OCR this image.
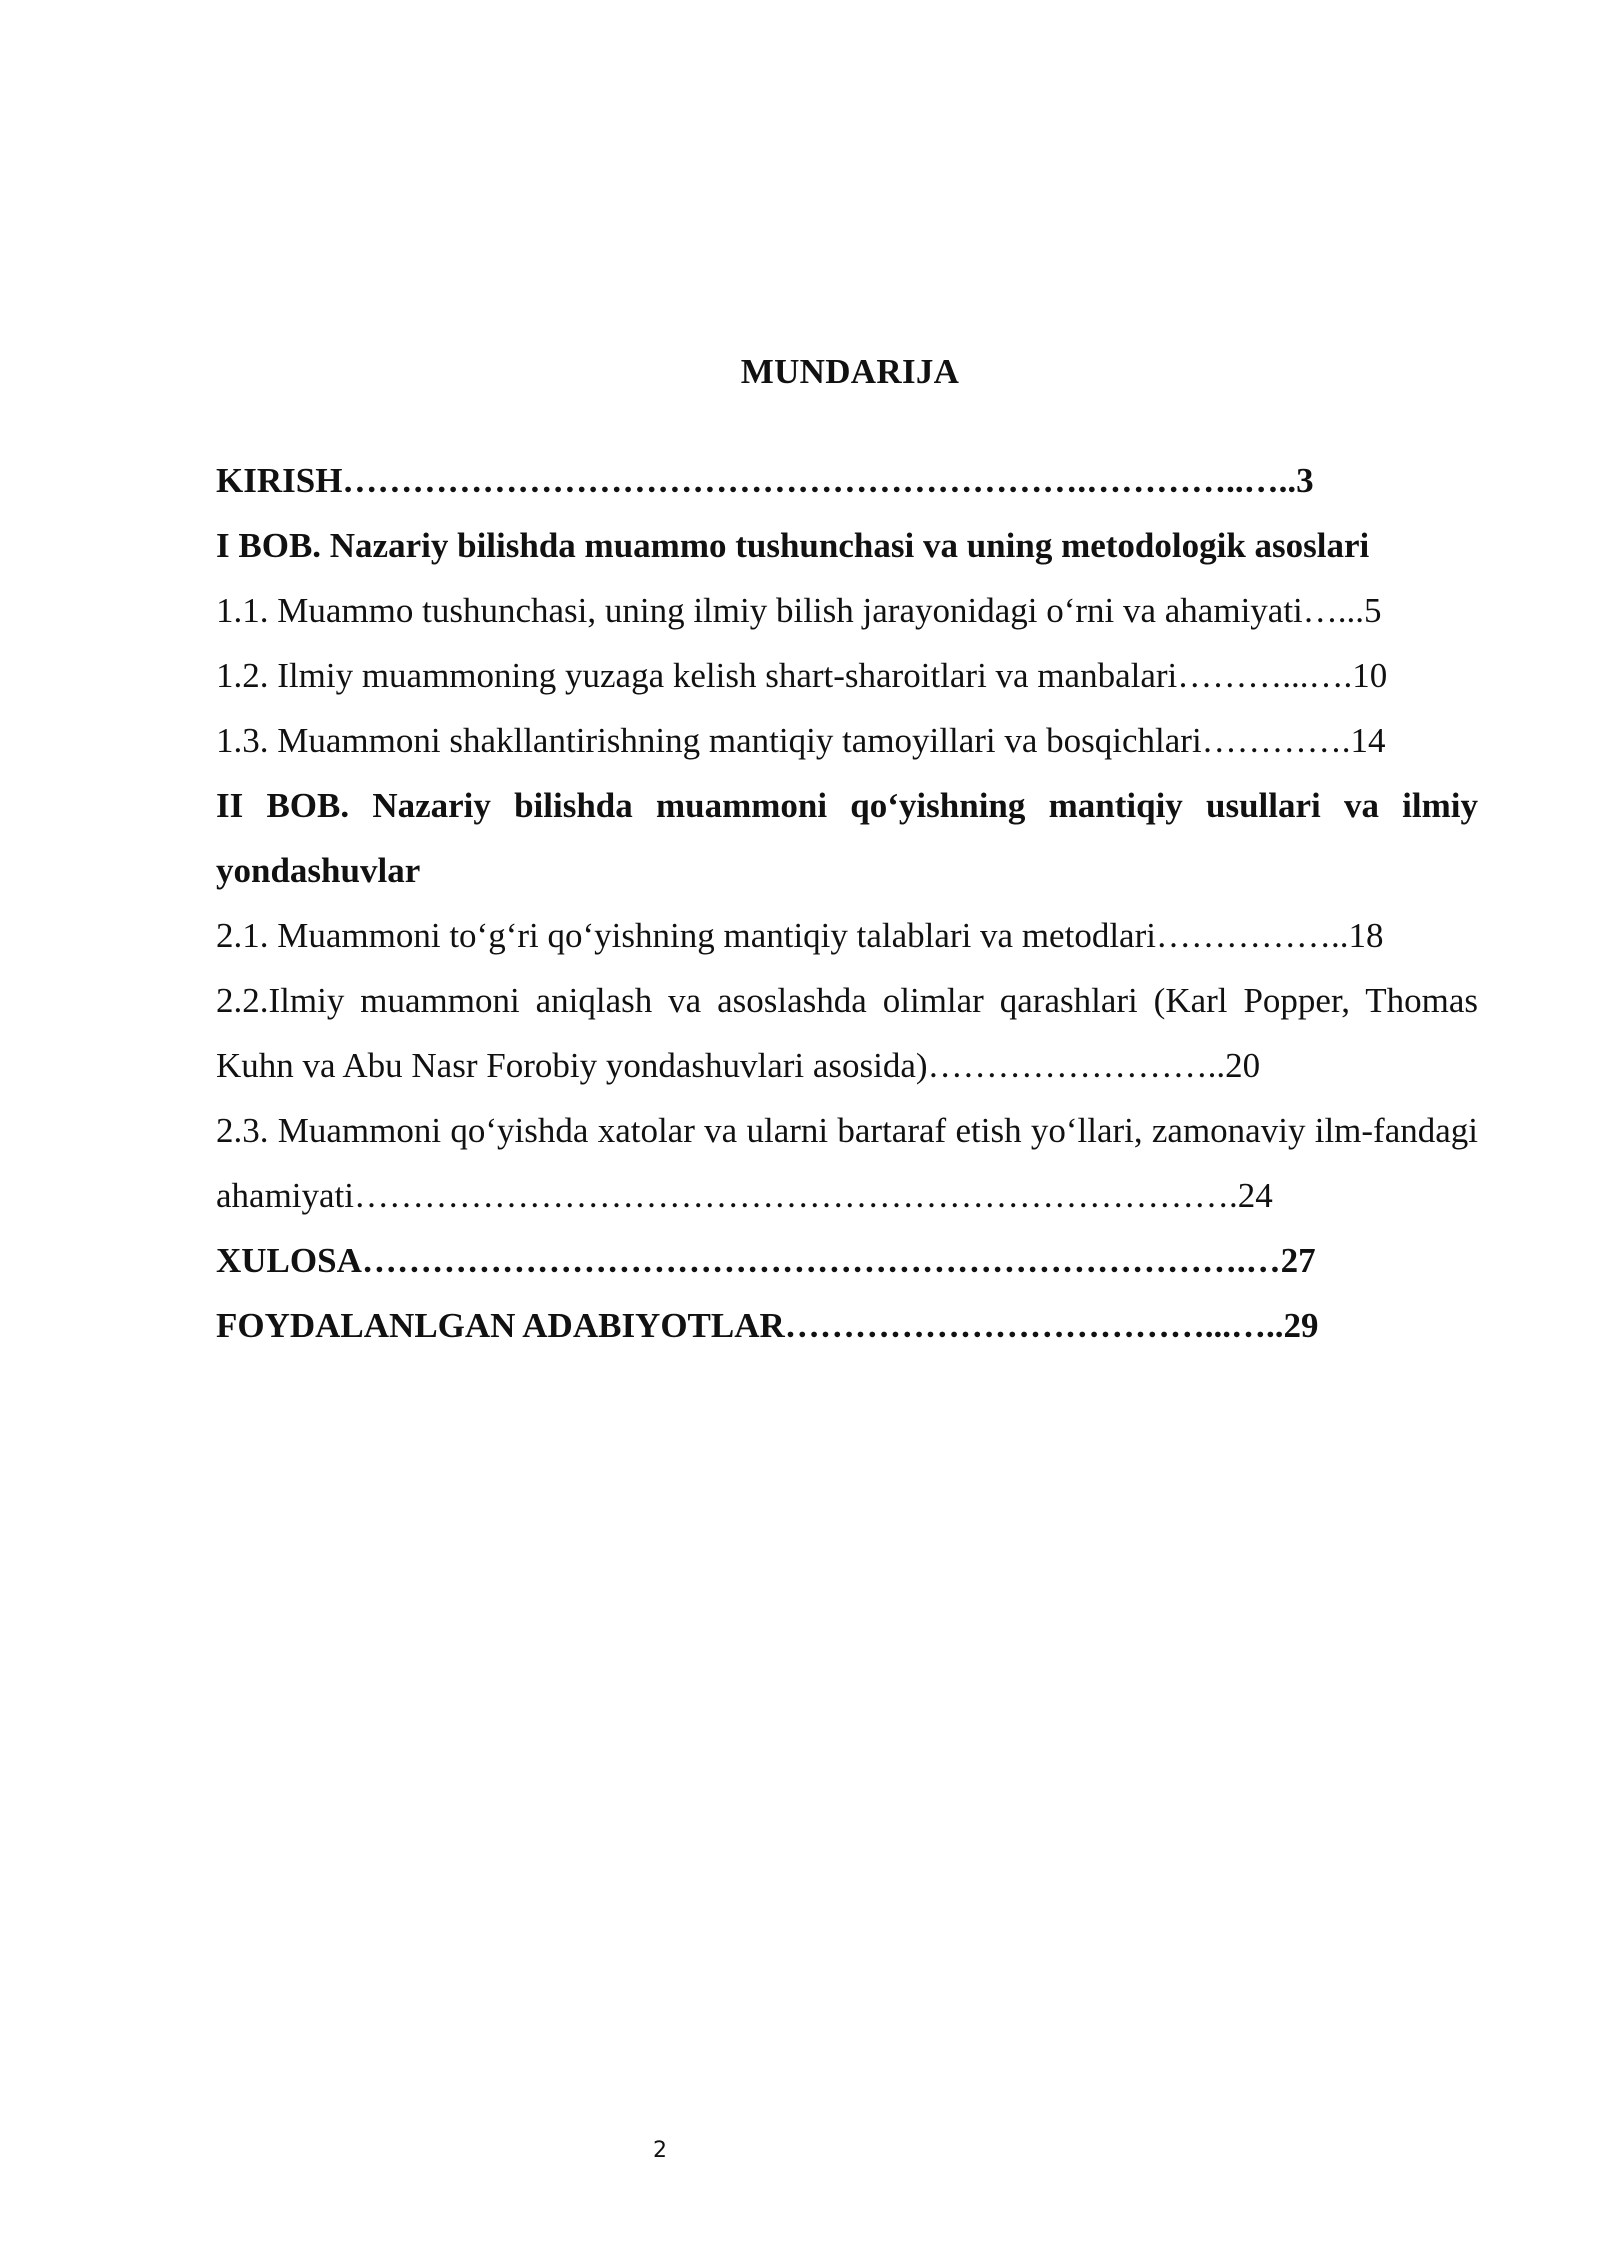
MUNDARIJA
KIRISH……………………………………………………….…………..…..3
I BOB. Nazariy bilishda muammo tushunchasi va uning metodologik asoslari
1.1. Muammo tushunchasi, uning ilmiy bilish jarayonidagi o‘rni va ahamiyati…...5
1.2. Ilmiy muammoning yuzaga kelish shart-sharoitlari va manbalari………...….10
1.3. Muammoni shakllantirishning mantiqiy tamoyillari va bosqichlari………….14
II BOB. Nazariy bilishda muammoni qo‘yishning mantiqiy usullari va ilmiy yondashuvlar
2.1. Muammoni to‘g‘ri qo‘yishning mantiqiy talablari va metodlari……………..18
2.2.Ilmiy muammoni aniqlash va asoslashda olimlar qarashlari (Karl Popper, Thomas Kuhn va Abu Nasr Forobiy yondashuvlari asosida)……………………..20
2.3. Muammoni qo‘yishda xatolar va ularni bartaraf etish yo‘llari, zamonaviy ilm-fandagi ahamiyati………………………………………………………………….24
XULOSA………………………………………………………………….…27
FOYDALANLGAN ADABIYOTLAR………………………………...…..29
2
